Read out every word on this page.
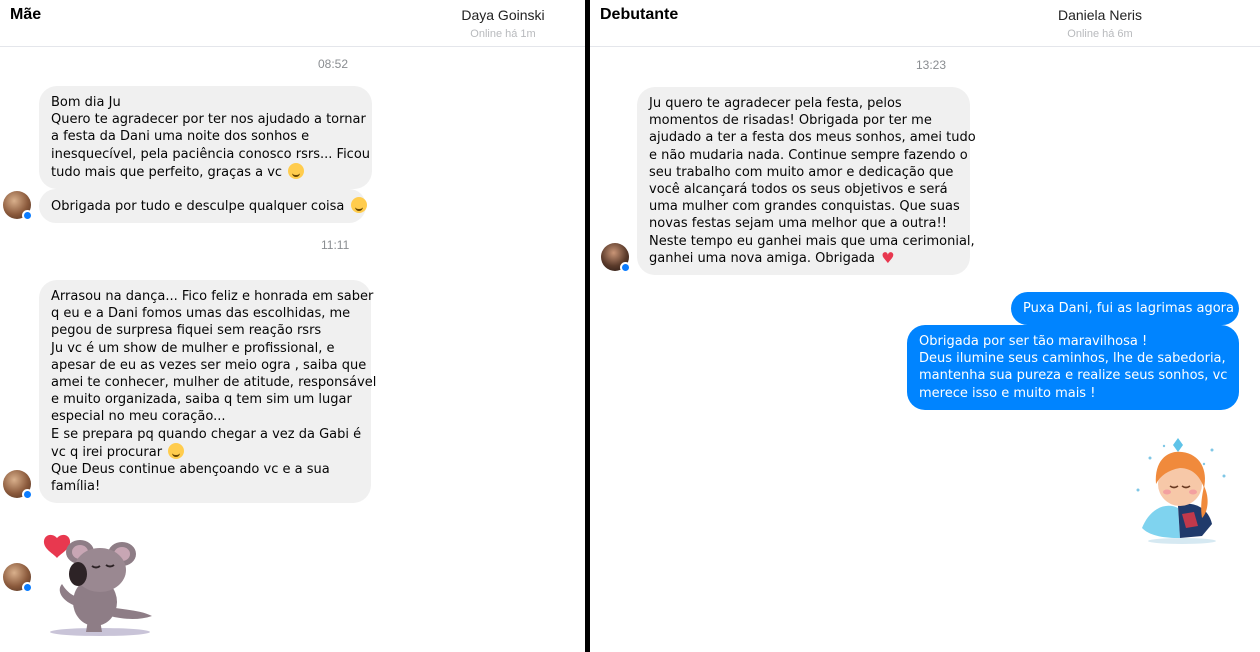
Mãe	Daya Goinski
Online há 1m
08:52
Bom dia Ju
Quero te agradecer por ter nos ajudado a tornar
a festa da Dani uma noite dos sonhos e
inesquecível, pela paciência conosco rsrs... Ficou
tudo mais que perfeito, graças a vc
Obrigada por tudo e desculpe qualquer coisa
11:11
Arrasou na dança... Fico feliz e honrada em saber
q eu e a Dani fomos umas das escolhidas, me
pegou de surpresa fiquei sem reação rsrs
Ju vc é um show de mulher e profissional, e
apesar de eu as vezes ser meio ogra , saiba que
amei te conhecer, mulher de atitude, responsável
e muito organizada, saiba q tem sim um lugar
especial no meu coração...
E se prepara pq quando chegar a vez da Gabi é
vc q irei procurar
Que Deus continue abençoando vc e a sua
família!
Debutante	Daniela Neris
Online há 6m
13:23
Ju quero te agradecer pela festa, pelos
momentos de risadas! Obrigada por ter me
ajudado a ter a festa dos meus sonhos, amei tudo
e não mudaria nada. Continue sempre fazendo o
seu trabalho com muito amor e dedicação que
você alcançará todos os seus objetivos e será
uma mulher com grandes conquistas. Que suas
novas festas sejam uma melhor que a outra!!
Neste tempo eu ganhei mais que uma cerimonial,
ganhei uma nova amiga. Obrigada ♥
Puxa Dani, fui as lagrimas agora !
Obrigada por ser tão maravilhosa !
Deus ilumine seus caminhos, lhe de sabedoria,
mantenha sua pureza e realize seus sonhos, vc
merece isso e muito mais !
